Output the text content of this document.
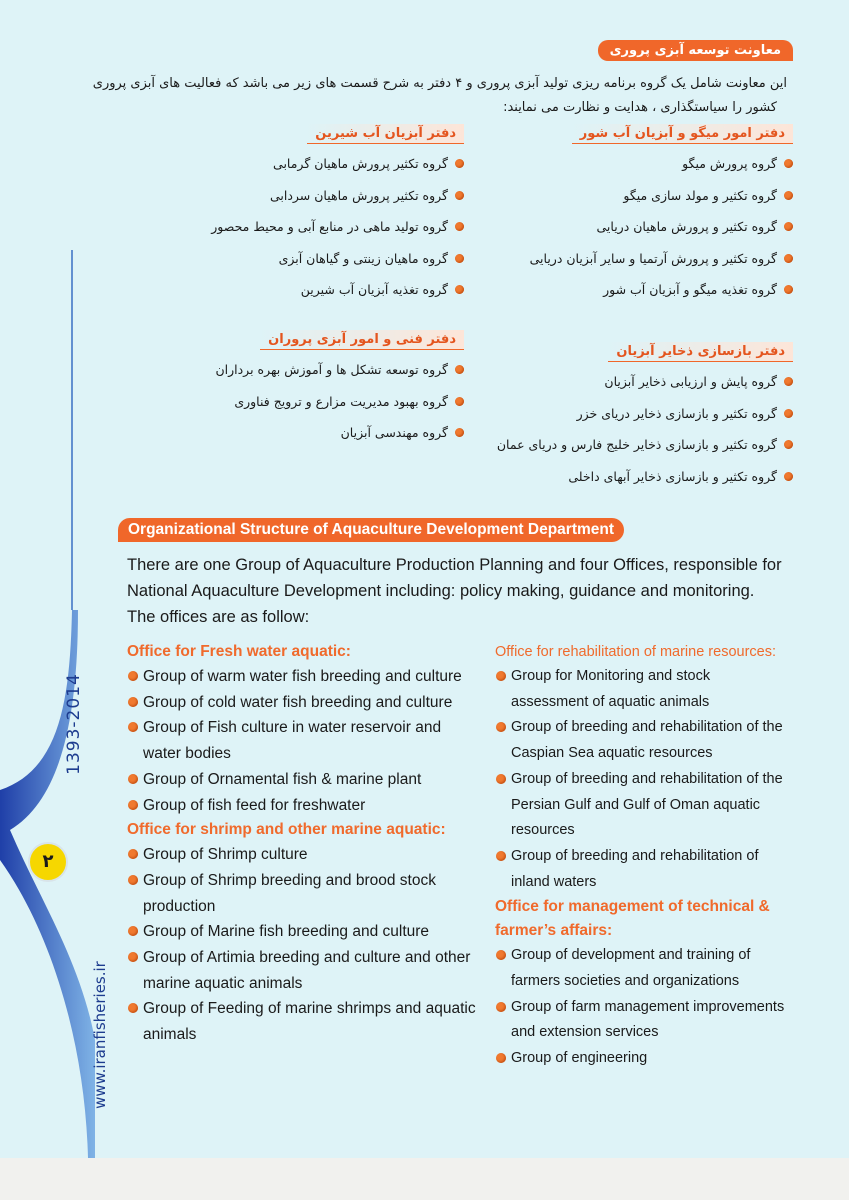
۲
1393-2014
www.iranfisheries.ir
معاونت توسعه آبزی پروری
این معاونت شامل یک گروه برنامه ریزی تولید آبزی پروری و ۴ دفتر به شرح قسمت های زیر می باشد که فعالیت های آبزی پروری
کشور را سیاستگذاری ، هدایت و نظارت می نمایند:
دفتر امور میگو و آبزیان آب شور
گروه پرورش میگو
گروه تکثیر و مولد سازی میگو
گروه تکثیر و پرورش ماهیان دریایی
گروه تکثیر و پرورش آرتمیا و سایر آبزیان دریایی
گروه تغذیه میگو و آبزیان آب شور
دفتر آبزیان آب شیرین
گروه تکثیر پرورش ماهیان گرمابی
گروه تکثیر پرورش ماهیان سردابی
گروه تولید ماهی در منابع آبی و محیط محصور
گروه ماهیان زینتی و گیاهان آبزی
گروه تغذیه آبزیان آب شیرین
دفتر بازسازی ذخایر آبزیان
گروه پایش و ارزیابی ذخایر آبزیان
گروه تکثیر و بازسازی ذخایر دریای خزر
گروه تکثیر و بازسازی ذخایر خلیج فارس و دریای عمان
گروه تکثیر و بازسازی ذخایر آبهای داخلی
دفتر فنی و امور آبزی پروران
گروه توسعه تشکل ها و آموزش بهره برداران
گروه بهبود مدیریت مزارع و ترویج فناوری
گروه مهندسی آبزیان
Organizational Structure of Aquaculture Development Department
There are one Group of Aquaculture Production Planning and four Offices, responsible for National Aquaculture Development including: policy making, guidance and monitoring. The offices are as follow:
Office for Fresh water aquatic:
Group of warm water fish breeding and culture
Group of cold water fish breeding and culture
Group of Fish culture in water reservoir and water bodies
Group of Ornamental fish & marine plant
Group of fish feed for freshwater
Office for shrimp and other marine aquatic:
Group of Shrimp culture
Group of Shrimp breeding and brood stock production
Group of Marine fish breeding and culture
Group of Artimia breeding and culture and other marine aquatic animals
Group of Feeding of marine shrimps and aquatic animals
Office for rehabilitation of marine resources:
Group for Monitoring and stock assessment of aquatic animals
Group of breeding and rehabilitation of the Caspian Sea aquatic resources
Group of breeding and rehabilitation of the Persian Gulf and Gulf of Oman aquatic resources
Group of breeding and rehabilitation of inland waters
Office for management of technical & farmer’s affairs:
Group of development and training of farmers societies and organizations
Group of farm management improvements and extension services
Group of engineering
